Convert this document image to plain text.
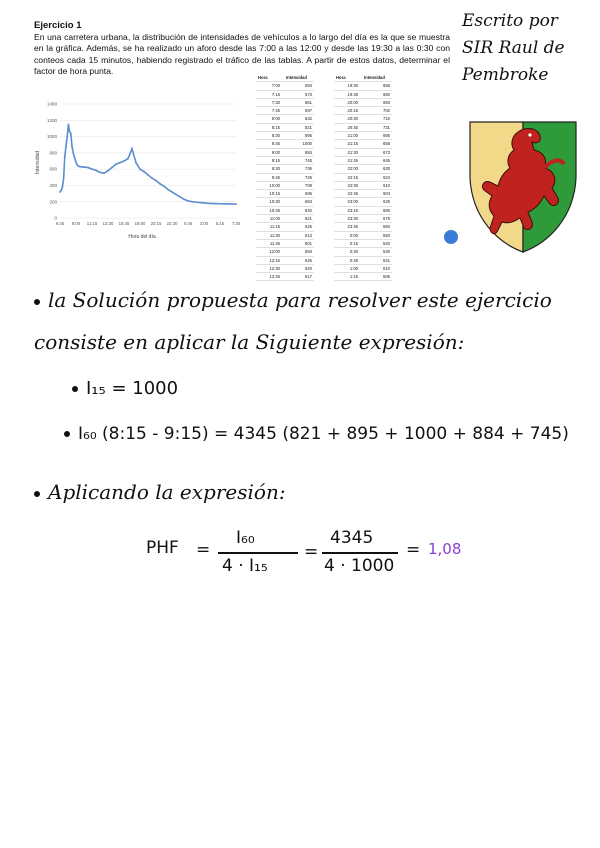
Ejercicio 1

En una carretera urbana, la distribución de intensidades de vehículos a lo largo del día es la que se muestra en la gráfica. Además, se ha realizado un aforo desde las 7:00 a las 12:00 y desde las 19:30 a las 0:30 con conteos cada 15 minutos, habiendo registrado el tráfico de las tablas. A partir de estos datos, determinar el factor de hora punta.

0
200
400
600
800
1000
1200
1400
6:45 9:00 11:15 13:30 15:45 18:00 20:15 22:30 0:45 3:00 5:15 7:30
Intensidad
Hora del día
Hora	Intensidad
7:00	594
7:15	573
7:30	561
7:45	597
8:00	632
8:15	821
8:30	895
8:45	1000
9:00	884
9:15	745
9:30	736
9:45	725
10:00	708
10:15	695
10:30	663
10:45	640
11:00	621
11:15	625
11:30	613
11:45	601
12:00	593
12:15	625
12:30	620
12:45	617
Hora	Intensidad
19:30	655
19:45	660
20:00	693
20:15	702
20:30	715
20:45	731
21:00	685
21:15	658
21:30	673
21:45	645
22:00	630
22:15	624
22:30	610
22:45	604
23:00	625
23:15	585
23:30	575
23:45	560
0:00	550
0:15	540
0:30	530
0:45	521
1:00	510
1:15	505
Escrito por SIR Raul de Pembroke
la Solución propuesta para resolver este ejercicio
consiste en aplicar la Siguiente expresión:
I₁₅ = 1000
I₆₀ (8:15 - 9:15) = 4345 (821 + 895 + 1000 + 884 + 745)
Aplicando la expresión:
PHF =
I₆₀
4 · I₁₅
=
4345
4 · 1000
= 1,08
